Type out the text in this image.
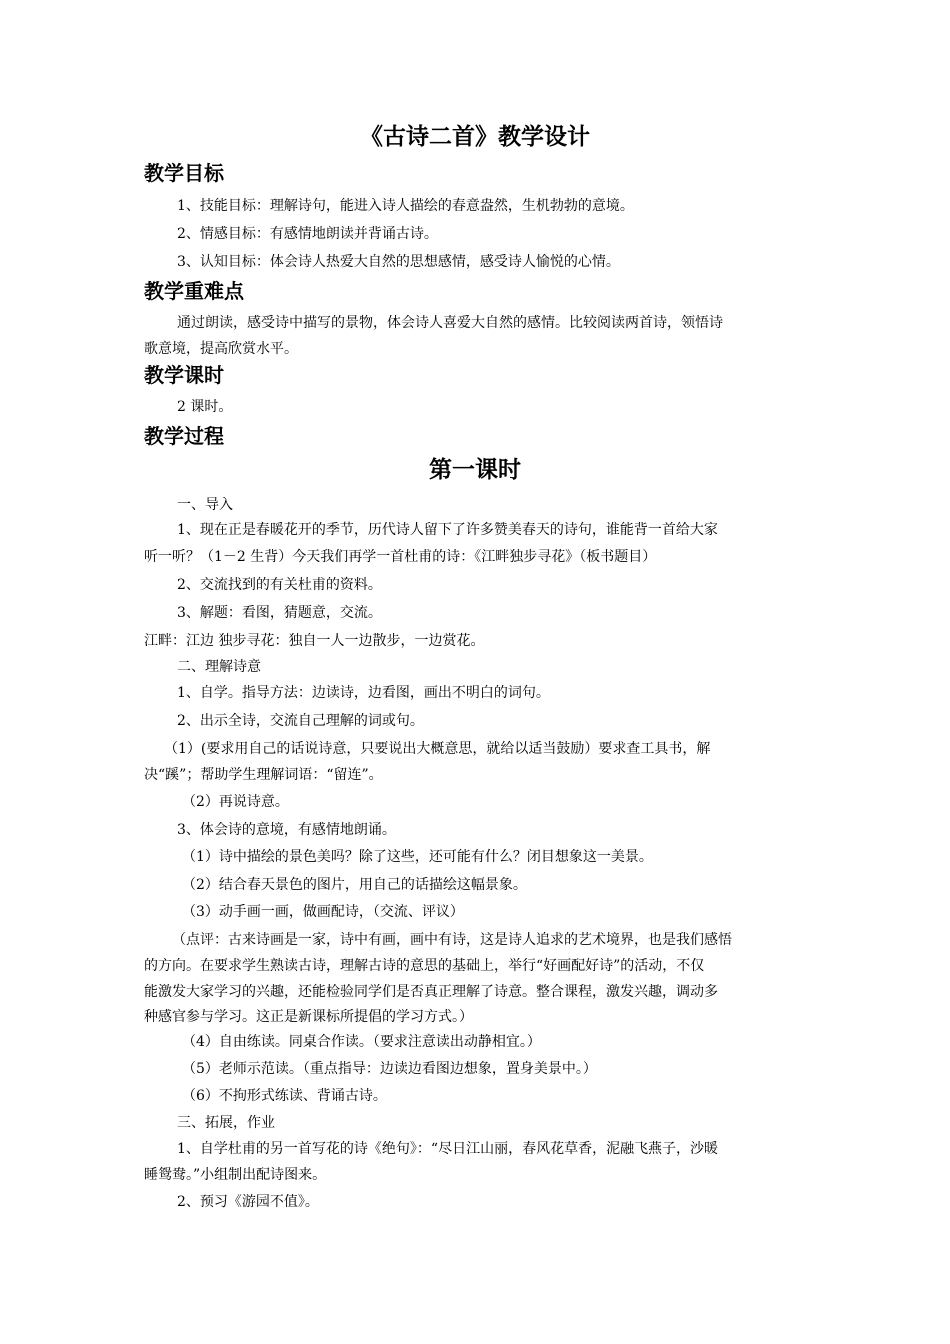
《古诗二首》教学设计
教学目标
1、技能目标：理解诗句，能进入诗人描绘的春意盎然，生机勃勃的意境。
2、情感目标：有感情地朗读并背诵古诗。
3、认知目标：体会诗人热爱大自然的思想感情，感受诗人愉悦的心情。
教学重难点
通过朗读，感受诗中描写的景物，体会诗人喜爱大自然的感情。比较阅读两首诗，领悟诗
歌意境，提高欣赏水平。
教学课时
2 课时。
教学过程
第一课时
一、导入
1、现在正是春暖花开的季节，历代诗人留下了许多赞美春天的诗句，谁能背一首给大家
听一听？（1－2 生背）今天我们再学一首杜甫的诗：《江畔独步寻花》（板书题目）
2、交流找到的有关杜甫的资料。
3、解题：看图，猜题意，交流。
江畔：江边 独步寻花：独自一人一边散步，一边赏花。
二、理解诗意
1、自学。指导方法：边读诗，边看图，画出不明白的词句。
2、出示全诗，交流自己理解的词或句。
（1）(要求用自己的话说诗意，只要说出大概意思，就给以适当鼓励）要求查工具书，解
决“蹊”；帮助学生理解词语：“留连”。
（2）再说诗意。
3、体会诗的意境，有感情地朗诵。
（1）诗中描绘的景色美吗？除了这些，还可能有什么？闭目想象这一美景。
（2）结合春天景色的图片，用自己的话描绘这幅景象。
（3）动手画一画，做画配诗，（交流、评议）
（点评：古来诗画是一家，诗中有画，画中有诗，这是诗人追求的艺术境界，也是我们感悟
的方向。在要求学生熟读古诗，理解古诗的意思的基础上，举行“好画配好诗”的活动，不仅
能激发大家学习的兴趣，还能检验同学们是否真正理解了诗意。整合课程，激发兴趣，调动多
种感官参与学习。这正是新课标所提倡的学习方式。）
（4）自由练读。同桌合作读。（要求注意读出动静相宜。）
（5）老师示范读。（重点指导：边读边看图边想象，置身美景中。）
（6）不拘形式练读、背诵古诗。
三、拓展，作业
1、自学杜甫的另一首写花的诗《绝句》：“尽日江山丽，春风花草香，泥融飞燕子，沙暖
睡鸳鸯。”小组制出配诗图来。
2、预习《游园不值》。
